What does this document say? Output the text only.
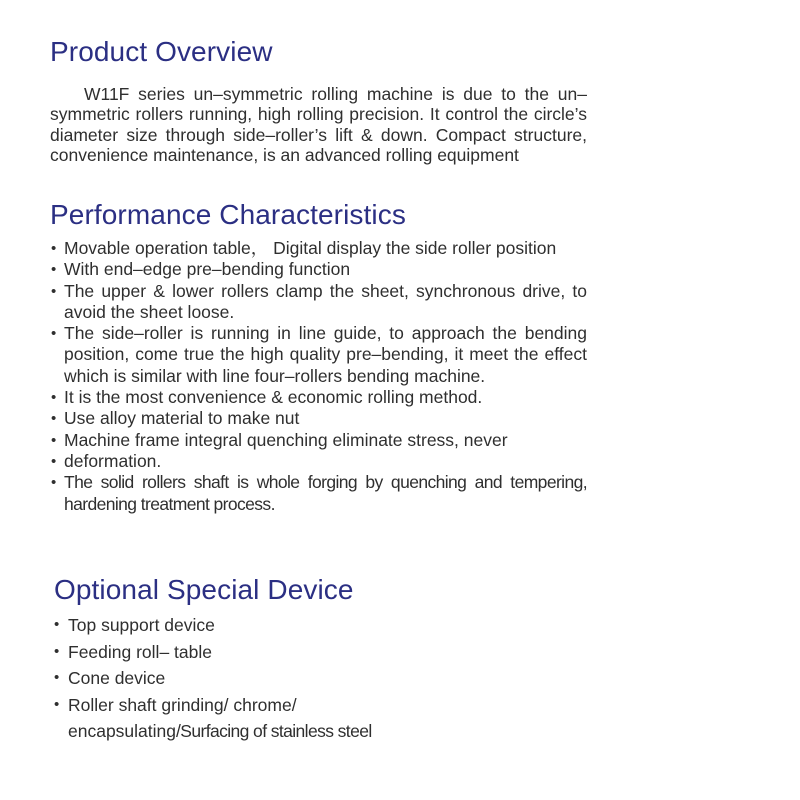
Product Overview

W11F series un–symmetric rolling machine is due to the un–symmetric rollers running, high rolling precision. It control the circle’s diameter size through side–roller’s lift & down. Compact structure, convenience maintenance, is an advanced rolling equipment

Performance Characteristics
• Movable operation table， Digital display the side roller position
• With end–edge pre–bending function
• The upper & lower rollers clamp the sheet, synchronous drive, to avoid the sheet loose.
• The side–roller is running in line guide, to approach the bending position, come true the high quality pre–bending, it meet the effect which is similar with line four–rollers bending machine.
• It is the most convenience & economic rolling method.
• Use alloy material to make nut
• Machine frame integral quenching eliminate stress, never
• deformation.
• The solid rollers shaft is whole forging by quenching and tempering, hardening treatment process.
Optional Special Device
• Top support device
• Feeding roll– table
• Cone device
• Roller shaft grinding/ chrome/
encapsulating/Surfacing of stainless steel
